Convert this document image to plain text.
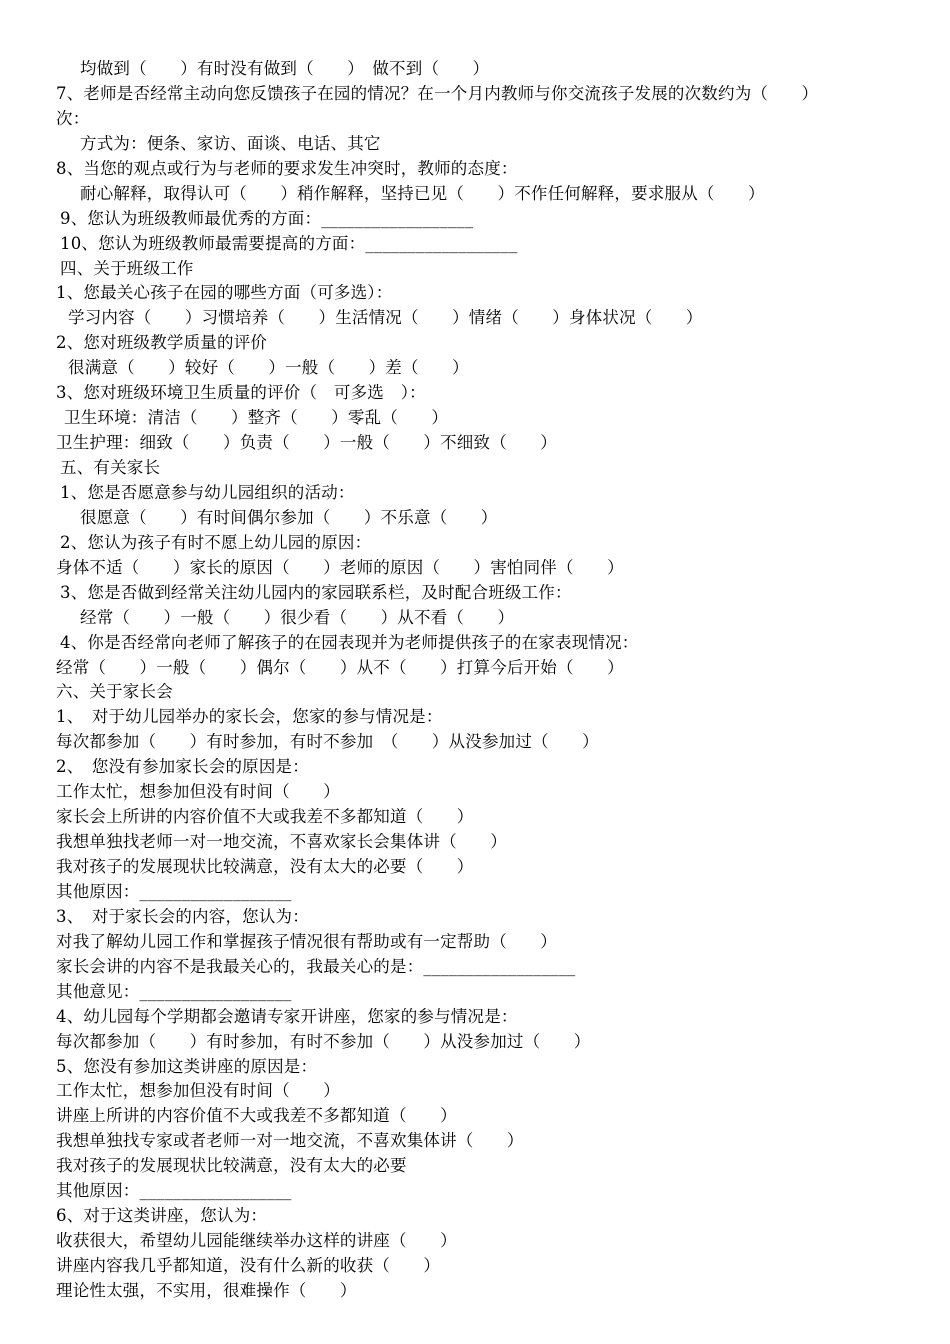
均做到（　　）有时没有做到（　　）　做不到（　　）
7、老师是否经常主动向您反馈孩子在园的情况？在一个月内教师与你交流孩子发展的次数约为（　　）
次：
方式为：便条、家访、面谈、电话、其它
8、当您的观点或行为与老师的要求发生冲突时，教师的态度：
耐心解释，取得认可（　　）稍作解释，坚持已见（　　）不作任何解释，要求服从（　　）
9、您认为班级教师最优秀的方面：__________________
10、您认为班级教师最需要提高的方面：__________________
四、关于班级工作
1、您最关心孩子在园的哪些方面（可多选）：
学习内容（　　）习惯培养（　　）生活情况（　　）情绪（　　）身体状况（　　）
2、您对班级教学质量的评价
很满意（　　）较好（　　）一般（　　）差（　　）
3、您对班级环境卫生质量的评价（　可多选　）：
卫生环境：清洁（　　）整齐（　　）零乱（　　）
卫生护理：细致（　　）负责（　　）一般（　　）不细致（　　）
五、有关家长
1、您是否愿意参与幼儿园组织的活动：
很愿意（　　）有时间偶尔参加（　　）不乐意（　　）
2、您认为孩子有时不愿上幼儿园的原因：
身体不适（　　）家长的原因（　　）老师的原因（　　）害怕同伴（　　）
3、您是否做到经常关注幼儿园内的家园联系栏，及时配合班级工作：
经常（　　）一般（　　）很少看（　　）从不看（　　）
4、你是否经常向老师了解孩子的在园表现并为老师提供孩子的在家表现情况：
经常（　　）一般（　　）偶尔（　　）从不（　　）打算今后开始（　　）
六、关于家长会
1、　对于幼儿园举办的家长会，您家的参与情况是：
每次都参加（　　）有时参加，有时不参加　（　　）从没参加过（　　）
2、　您没有参加家长会的原因是：
工作太忙，想参加但没有时间（　　）
家长会上所讲的内容价值不大或我差不多都知道（　　）
我想单独找老师一对一地交流，不喜欢家长会集体讲（　　）
我对孩子的发展现状比较满意，没有太大的必要（　　）
其他原因：__________________
3、　对于家长会的内容，您认为：
对我了解幼儿园工作和掌握孩子情况很有帮助或有一定帮助（　　）
家长会讲的内容不是我最关心的，我最关心的是：__________________
其他意见：__________________
4、幼儿园每个学期都会邀请专家开讲座，您家的参与情况是：
每次都参加（　　）有时参加，有时不参加（　　）从没参加过（　　）
5、您没有参加这类讲座的原因是：
工作太忙，想参加但没有时间（　　）
讲座上所讲的内容价值不大或我差不多都知道（　　）
我想单独找专家或者老师一对一地交流，不喜欢集体讲（　　）
我对孩子的发展现状比较满意，没有太大的必要
其他原因：__________________
6、对于这类讲座，您认为：
收获很大，希望幼儿园能继续举办这样的讲座（　　）
讲座内容我几乎都知道，没有什么新的收获（　　）
理论性太强，不实用，很难操作（　　）
